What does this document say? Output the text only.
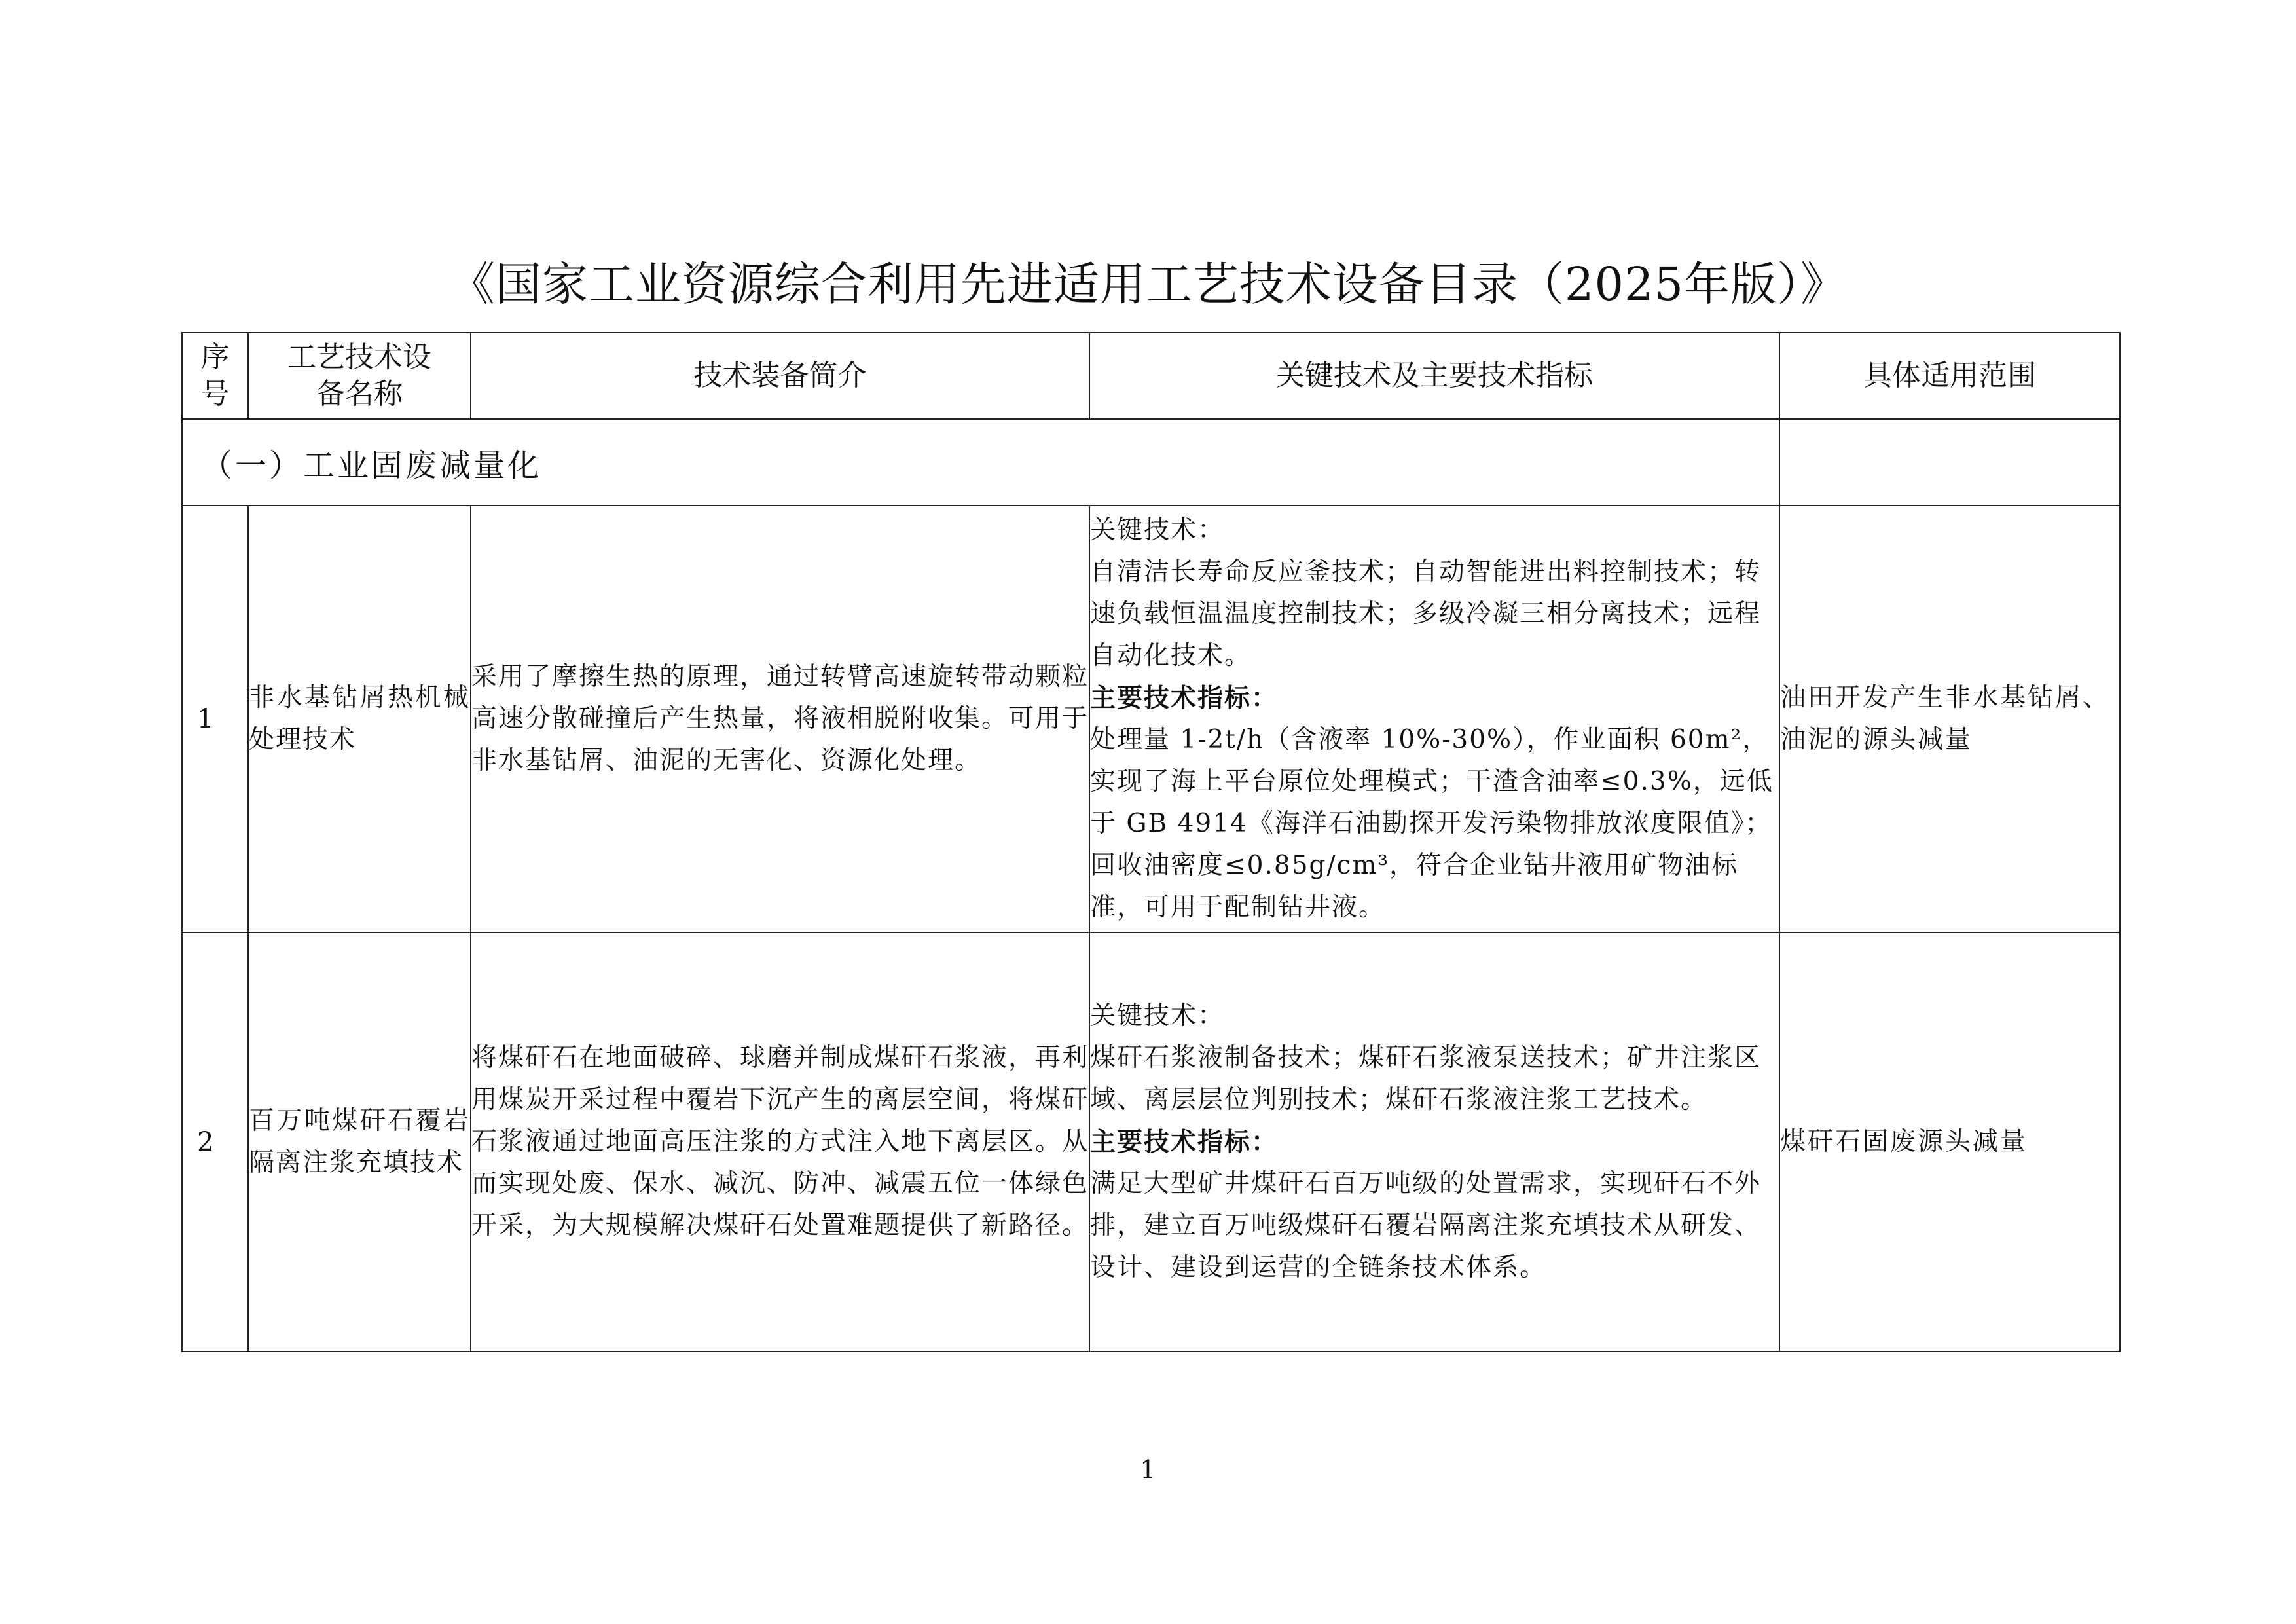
《国家工业资源综合利用先进适用工艺技术设备目录（2025年版）》
序号	工艺技术设备名称	技术装备简介	关键技术及主要技术指标	具体适用范围
（一）工业固废减量化				
1	非水基钻屑热机械处理技术	采用了摩擦生热的原理，通过转臂高速旋转带动颗粒高速分散碰撞后产生热量，将液相脱附收集。可用于非水基钻屑、油泥的无害化、资源化处理。	关键技术：
自清洁长寿命反应釜技术；自动智能进出料控制技术；转速负载恒温温度控制技术；多级冷凝三相分离技术；远程自动化技术。
主要技术指标：
处理量 1-2t/h（含液率 10%-30%），作业面积 60m²，实现了海上平台原位处理模式；干渣含油率≤0.3%，远低于 GB 4914《海洋石油勘探开发污染物排放浓度限值》；回收油密度≤0.85g/cm³，符合企业钻井液用矿物油标准，可用于配制钻井液。	油田开发产生非水基钻屑、油泥的源头减量
2	百万吨煤矸石覆岩隔离注浆充填技术	将煤矸石在地面破碎、球磨并制成煤矸石浆液，再利用煤炭开采过程中覆岩下沉产生的离层空间，将煤矸石浆液通过地面高压注浆的方式注入地下离层区。从而实现处废、保水、减沉、防冲、减震五位一体绿色开采，为大规模解决煤矸石处置难题提供了新路径。	关键技术：
煤矸石浆液制备技术；煤矸石浆液泵送技术；矿井注浆区域、离层层位判别技术；煤矸石浆液注浆工艺技术。
主要技术指标：
满足大型矿井煤矸石百万吨级的处置需求，实现矸石不外排，建立百万吨级煤矸石覆岩隔离注浆充填技术从研发、设计、建设到运营的全链条技术体系。	煤矸石固废源头减量
1
